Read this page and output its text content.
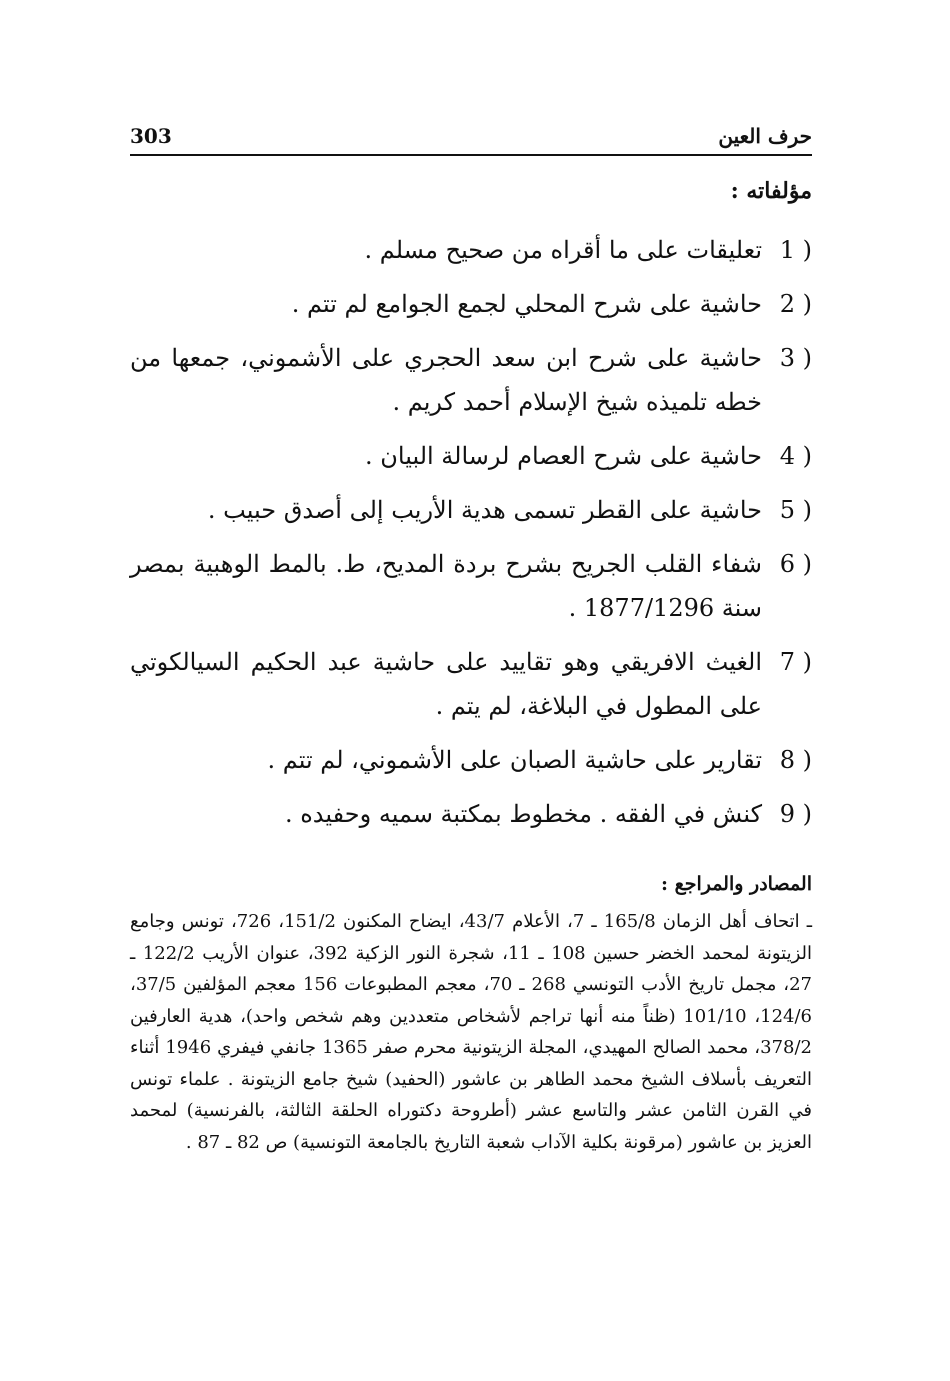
حرف العين
303
مؤلفاته :
1 )
تعليقات على ما أقراه من صحيح مسلم .
2 )
حاشية على شرح المحلي لجمع الجوامع لم تتم .
3 )
حاشية على شرح ابن سعد الحجري على الأشموني، جمعها من خطه تلميذه شيخ الإسلام أحمد كريم .
4 )
حاشية على شرح العصام لرسالة البيان .
5 )
حاشية على القطر تسمى هدية الأريب إلى أصدق حبيب .
6 )
شفاء القلب الجريح بشرح بردة المديح، ط. بالمط الوهبية بمصر سنة 1877/1296 .
7 )
الغيث الافريقي وهو تقاييد على حاشية عبد الحكيم السيالكوتي على المطول في البلاغة، لم يتم .
8 )
تقارير على حاشية الصبان على الأشموني، لم تتم .
9 )
كنش في الفقه . مخطوط بمكتبة سميه وحفيده .

المصادر والمراجع :

ـ اتحاف أهل الزمان 165/8 ـ 7، الأعلام 43/7، ايضاح المكنون 151/2، 726، تونس وجامع الزيتونة لمحمد الخضر حسين 108 ـ 11، شجرة النور الزكية 392، عنوان الأريب 122/2 ـ 27، مجمل تاريخ الأدب التونسي 268 ـ 70، معجم المطبوعات 156 معجم المؤلفين 37/5، 124/6، 101/10 (ظناً منه أنها تراجم لأشخاص متعددين وهم شخص واحد)، هدية العارفين 378/2، محمد الصالح المهيدي، المجلة الزيتونية محرم صفر 1365 جانفي فيفري 1946 أثناء التعريف بأسلاف الشيخ محمد الطاهر بن عاشور (الحفيد) شيخ جامع الزيتونة . علماء تونس في القرن الثامن عشر والتاسع عشر (أطروحة دكتوراه الحلقة الثالثة، بالفرنسية) لمحمد العزيز بن عاشور (مرقونة بكلية الآداب شعبة التاريخ بالجامعة التونسية) ص 82 ـ 87 .
